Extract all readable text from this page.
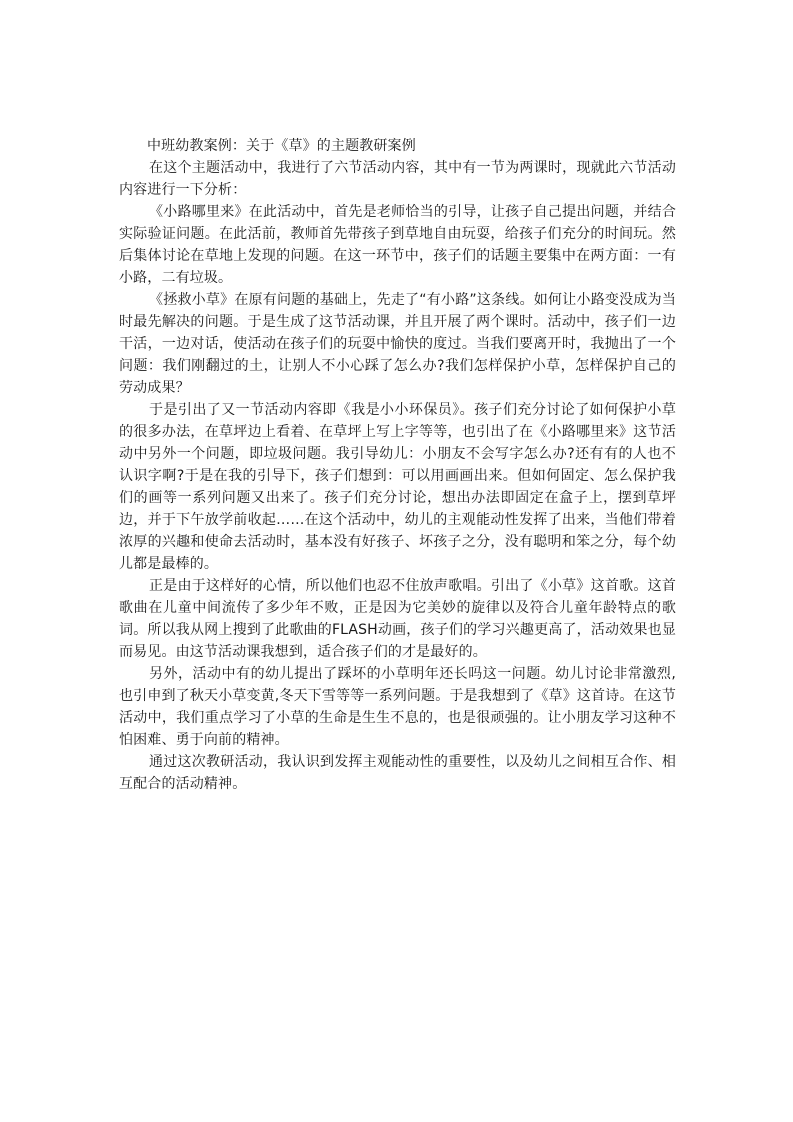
中班幼教案例：关于《草》的主题教研案例

在这个主题活动中，我进行了六节活动内容，其中有一节为两课时，现就此六节活动内容进行一下分析：

《小路哪里来》在此活动中，首先是老师恰当的引导，让孩子自己提出问题，并结合实际验证问题。在此活前，教师首先带孩子到草地自由玩耍，给孩子们充分的时间玩。然后集体讨论在草地上发现的问题。在这一环节中，孩子们的话题主要集中在两方面：一有小路，二有垃圾。

《拯救小草》在原有问题的基础上，先走了“有小路”这条线。如何让小路变没成为当时最先解决的问题。于是生成了这节活动课，并且开展了两个课时。活动中，孩子们一边干活，一边对话，使活动在孩子们的玩耍中愉快的度过。当我们要离开时，我抛出了一个问题：我们刚翻过的土，让别人不小心踩了怎么办?我们怎样保护小草，怎样保护自己的劳动成果？

于是引出了又一节活动内容即《我是小小环保员》。孩子们充分讨论了如何保护小草的很多办法，在草坪边上看着、在草坪上写上字等等，也引出了在《小路哪里来》这节活动中另外一个问题，即垃圾问题。我引导幼儿：小朋友不会写字怎么办?还有有的人也不认识字啊?于是在我的引导下，孩子们想到：可以用画画出来。但如何固定、怎么保护我们的画等一系列问题又出来了。孩子们充分讨论，想出办法即固定在盒子上，摆到草坪边，并于下午放学前收起……在这个活动中，幼儿的主观能动性发挥了出来，当他们带着浓厚的兴趣和使命去活动时，基本没有好孩子、坏孩子之分，没有聪明和笨之分，每个幼儿都是最棒的。

正是由于这样好的心情，所以他们也忍不住放声歌唱。引出了《小草》这首歌。这首歌曲在儿童中间流传了多少年不败，正是因为它美妙的旋律以及符合儿童年龄特点的歌词。所以我从网上搜到了此歌曲的FLASH动画，孩子们的学习兴趣更高了，活动效果也显而易见。由这节活动课我想到，适合孩子们的才是最好的。

另外，活动中有的幼儿提出了踩坏的小草明年还长吗这一问题。幼儿讨论非常激烈,也引申到了秋天小草变黄,冬天下雪等等一系列问题。于是我想到了《草》这首诗。在这节活动中，我们重点学习了小草的生命是生生不息的，也是很顽强的。让小朋友学习这种不怕困难、勇于向前的精神。

通过这次教研活动，我认识到发挥主观能动性的重要性，以及幼儿之间相互合作、相互配合的活动精神。
